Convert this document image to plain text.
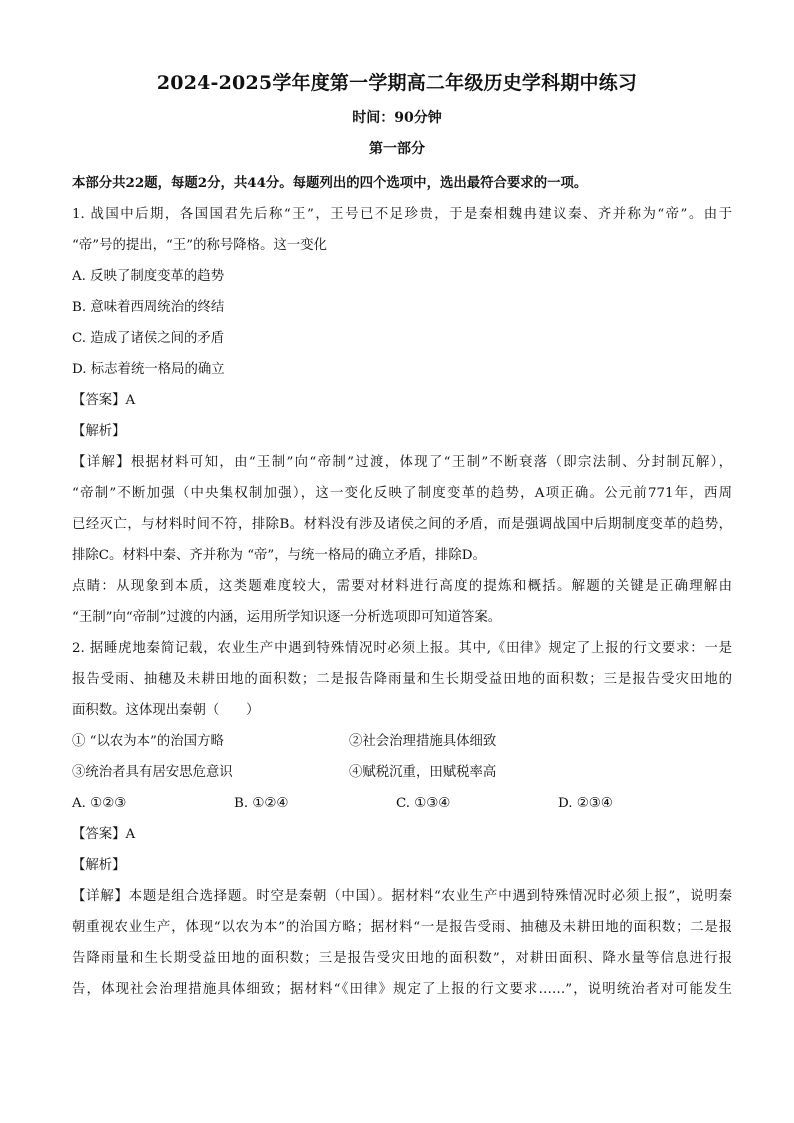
2024-2025学年度第一学期高二年级历史学科期中练习
时间：90分钟
第一部分
本部分共22题，每题2分，共44分。每题列出的四个选项中，选出最符合要求的一项。
1. 战国中后期，各国国君先后称“王”，王号已不足珍贵，于是秦相魏冉建议秦、齐并称为“帝”。由于
“帝”号的提出，“王”的称号降格。这一变化
A. 反映了制度变革的趋势
B. 意味着西周统治的终结
C. 造成了诸侯之间的矛盾
D. 标志着统一格局的确立
【答案】A
【解析】
【详解】根据材料可知，由“王制”向“帝制”过渡，体现了“王制”不断衰落（即宗法制、分封制瓦解），
“帝制”不断加强（中央集权制加强），这一变化反映了制度变革的趋势，A项正确。公元前771年，西周
已经灭亡，与材料时间不符，排除B。材料没有涉及诸侯之间的矛盾，而是强调战国中后期制度变革的趋势，
排除C。材料中秦、齐并称为 “帝”，与统一格局的确立矛盾，排除D。
点睛：从现象到本质，这类题难度较大，需要对材料进行高度的提炼和概括。解题的关键是正确理解由
“王制”向“帝制”过渡的内涵，运用所学知识逐一分析选项即可知道答案。
2. 据睡虎地秦简记载，农业生产中遇到特殊情况时必须上报。其中,《田律》规定了上报的行文要求：一是
报告受雨、抽穗及未耕田地的面积数；二是报告降雨量和生长期受益田地的面积数；三是报告受灾田地的
面积数。这体现出秦朝（　　）
① “以农为本”的治国方略	②社会治理措施具体细致
③统治者具有居安思危意识	④赋税沉重，田赋税率高
A. ①②③	B. ①②④	C. ①③④	D. ②③④
【答案】A
【解析】
【详解】本题是组合选择题。时空是秦朝（中国）。据材料“农业生产中遇到特殊情况时必须上报”，说明秦
朝重视农业生产，体现“以农为本”的治国方略；据材料“一是报告受雨、抽穗及未耕田地的面积数；二是报
告降雨量和生长期受益田地的面积数；三是报告受灾田地的面积数”，对耕田面积、降水量等信息进行报
告，体现社会治理措施具体细致；据材料“《田律》规定了上报的行文要求……”，说明统治者对可能发生
